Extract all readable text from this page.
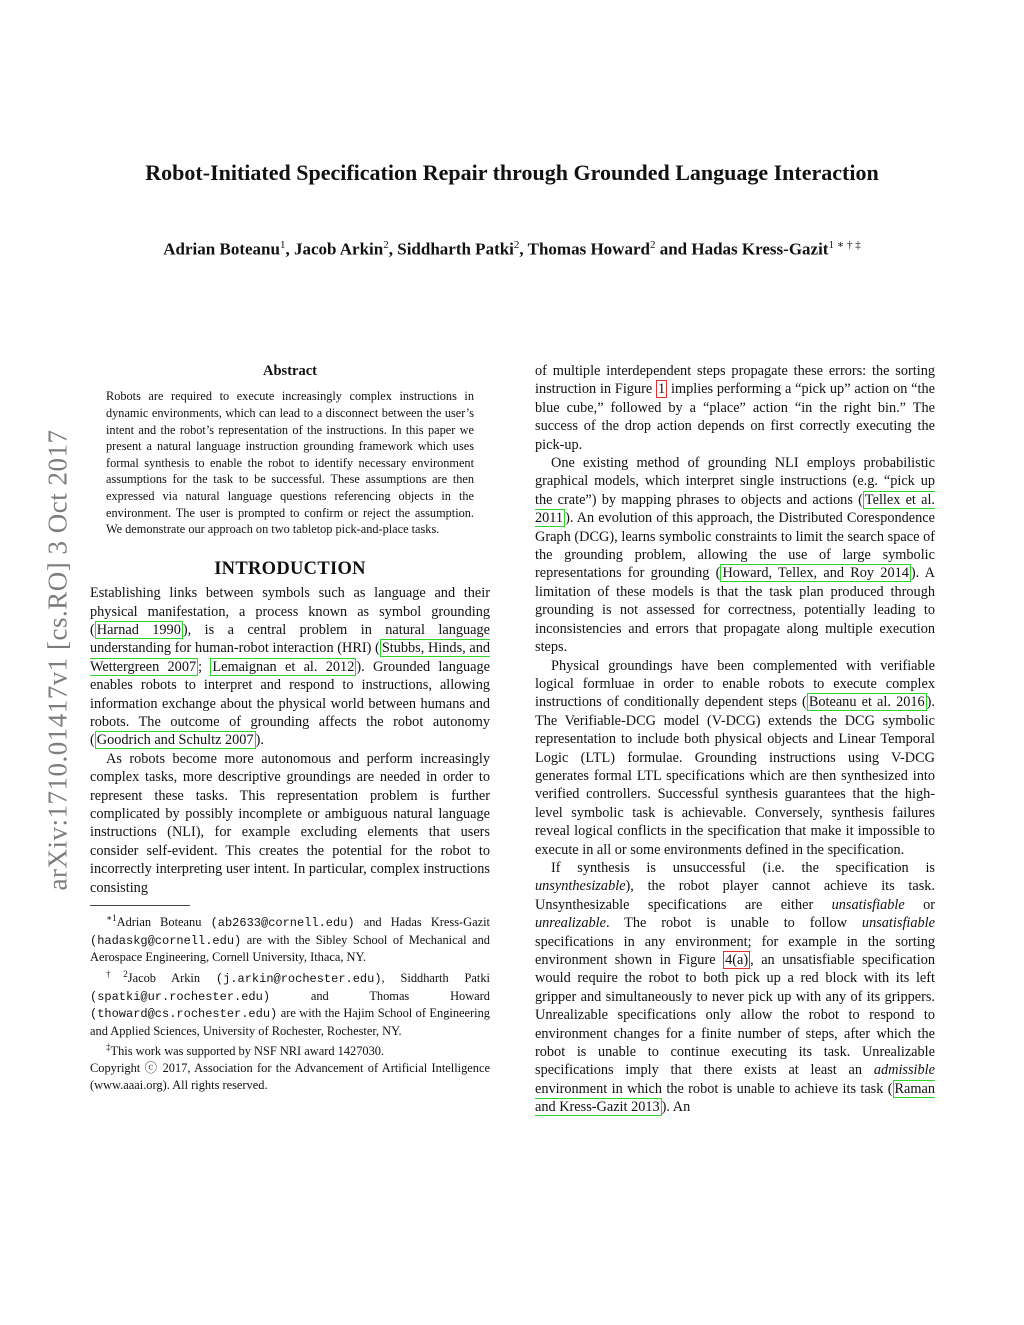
Robot-Initiated Specification Repair through Grounded Language Interaction
Adrian Boteanu$^1$, Jacob Arkin$^2$, Siddharth Patki$^2$, Thomas Howard$^2$ and Hadas Kress-Gazit$^{1 ∗ \dagger \ddagger}$
arXiv:1710.01417v1 [cs.RO] 3 Oct 2017
Abstract
Robots are required to execute increasingly complex instructions in dynamic environments, which can lead to a disconnect between the user’s intent and the robot’s representation of the instructions. In this paper we present a natural language instruction grounding framework which uses formal synthesis to enable the robot to identify necessary environment assumptions for the task to be successful. These assumptions are then expressed via natural language questions referencing objects in the environment. The user is prompted to confirm or reject the assumption. We demonstrate our approach on two tabletop pick-and-place tasks.
INTRODUCTION

Establishing links between symbols such as language and their physical manifestation, a process known as symbol grounding ( Harnad 1990 ), is a central problem in natural language understanding for human-robot interaction (HRI) ( Stubbs, Hinds, and Wettergreen 2007 ; Lemaignan et al. 2012 ). Grounded language enables robots to interpret and respond to instructions, allowing information exchange about the physical world between humans and robots. The outcome of grounding affects the robot autonomy ( Goodrich and Schultz 2007 ).

As robots become more autonomous and perform increasingly complex tasks, more descriptive groundings are needed in order to represent these tasks. This representation problem is further complicated by possibly incomplete or ambiguous natural language instructions (NLI), for example excluding elements that users consider self-evident. This creates the potential for the robot to incorrectly interpreting user intent. In particular, complex instructions consisting

$^{∗1}$Adrian Boteanu (ab2633@cornell.edu) and Hadas Kress-Gazit (hadaskg@cornell.edu) are with the Sibley School of Mechanical and Aerospace Engineering, Cornell University, Ithaca, NY.
$^{\dagger 2}$Jacob Arkin (j.arkin@rochester.edu), Siddharth Patki (spatki@ur.rochester.edu) and Thomas Howard (thoward@cs.rochester.edu) are with the Hajim School of Engineering and Applied Sciences, University of Rochester, Rochester, NY.
‡This work was supported by NSF NRI award 1427030.
Copyright ⓒ 2017, Association for the Advancement of Artificial Intelligence (www.aaai.org). All rights reserved.

of multiple interdependent steps propagate these errors: the sorting instruction in Figure 1 implies performing a “pick up” action on “the blue cube,” followed by a “place” action “in the right bin.” The success of the drop action depends on first correctly executing the pick-up.

One existing method of grounding NLI employs probabilistic graphical models, which interpret single instructions (e.g. “pick up the crate”) by mapping phrases to objects and actions ( Tellex et al. 2011 ). An evolution of this approach, the Distributed Corespondence Graph (DCG), learns symbolic constraints to limit the search space of the grounding problem, allowing the use of large symbolic representations for grounding ( Howard, Tellex, and Roy 2014 ). A limitation of these models is that the task plan produced through grounding is not assessed for correctness, potentially leading to inconsistencies and errors that propagate along multiple execution steps.

Physical groundings have been complemented with verifiable logical formluae in order to enable robots to execute complex instructions of conditionally dependent steps ( Boteanu et al. 2016 ). The Verifiable-DCG model (V-DCG) extends the DCG symbolic representation to include both physical objects and Linear Temporal Logic (LTL) formulae. Grounding instructions using V-DCG generates formal LTL specifications which are then synthesized into verified controllers. Successful synthesis guarantees that the high-level symbolic task is achievable. Conversely, synthesis failures reveal logical conflicts in the specification that make it impossible to execute in all or some environments defined in the specification.

If synthesis is unsuccessful (i.e. the specification is unsynthesizable), the robot player cannot achieve its task. Unsynthesizable specifications are either unsatisfiable or unrealizable. The robot is unable to follow unsatisfiable specifications in any environment; for example in the sorting environment shown in Figure 4(a) , an unsatisfiable specification would require the robot to both pick up a red block with its left gripper and simultaneously to never pick up with any of its grippers. Unrealizable specifications only allow the robot to respond to environment changes for a finite number of steps, after which the robot is unable to continue executing its task. Unrealizable specifications imply that there exists at least an admissible environment in which the robot is unable to achieve its task ( Raman and Kress-Gazit 2013 ). An
